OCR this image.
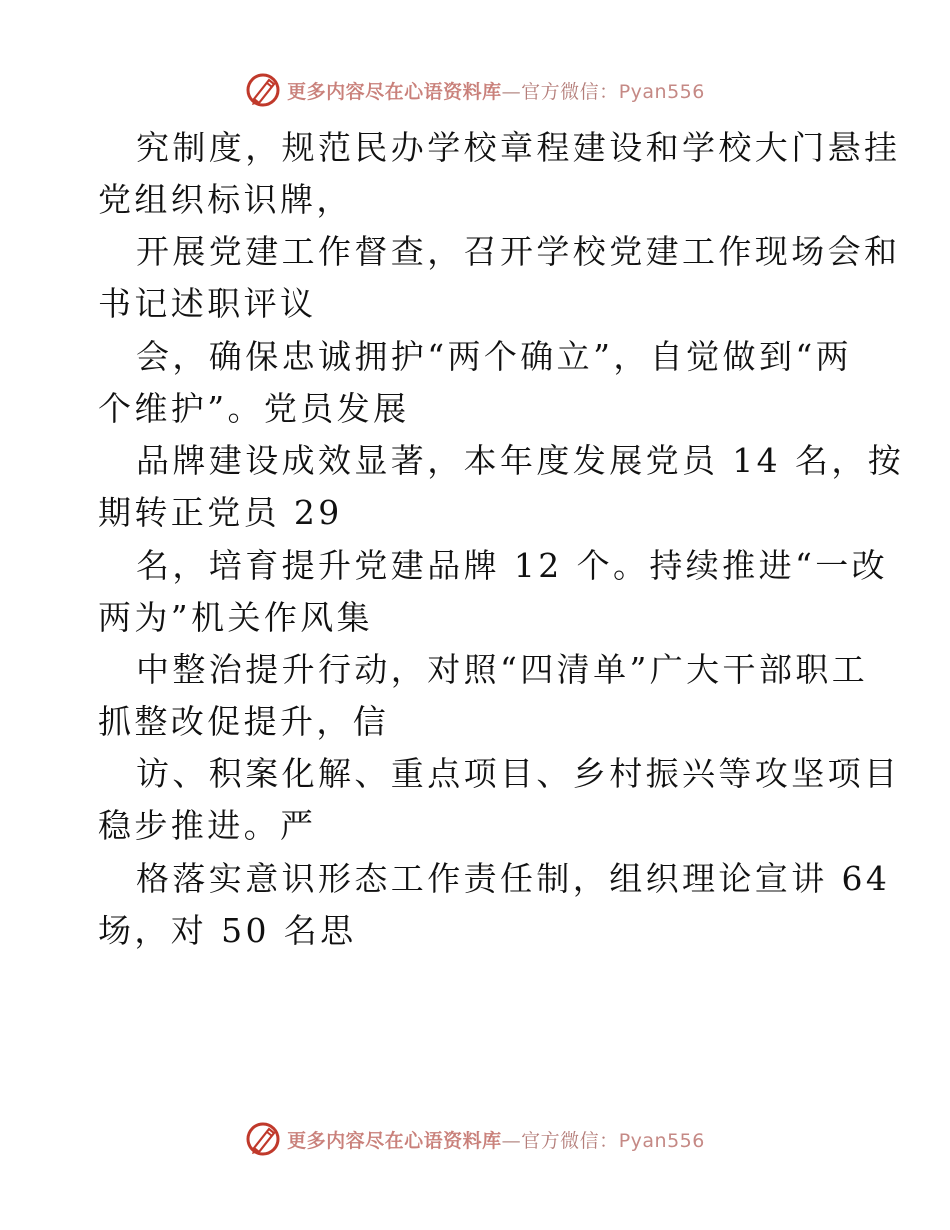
更多内容尽在心语资料库—官方微信：Pyan556

究制度，规范民办学校章程建设和学校大门悬挂
党组织标识牌，

开展党建工作督查，召开学校党建工作现场会和
书记述职评议

会，确保忠诚拥护“两个确立”，自觉做到“两
个维护”。党员发展

品牌建设成效显著，本年度发展党员 14 名，按
期转正党员 29

名，培育提升党建品牌 12 个。持续推进“一改
两为”机关作风集

中整治提升行动，对照“四清单”广大干部职工
抓整改促提升，信

访、积案化解、重点项目、乡村振兴等攻坚项目
稳步推进。严

格落实意识形态工作责任制，组织理论宣讲 64
场，对 50 名思

更多内容尽在心语资料库—官方微信：Pyan556
